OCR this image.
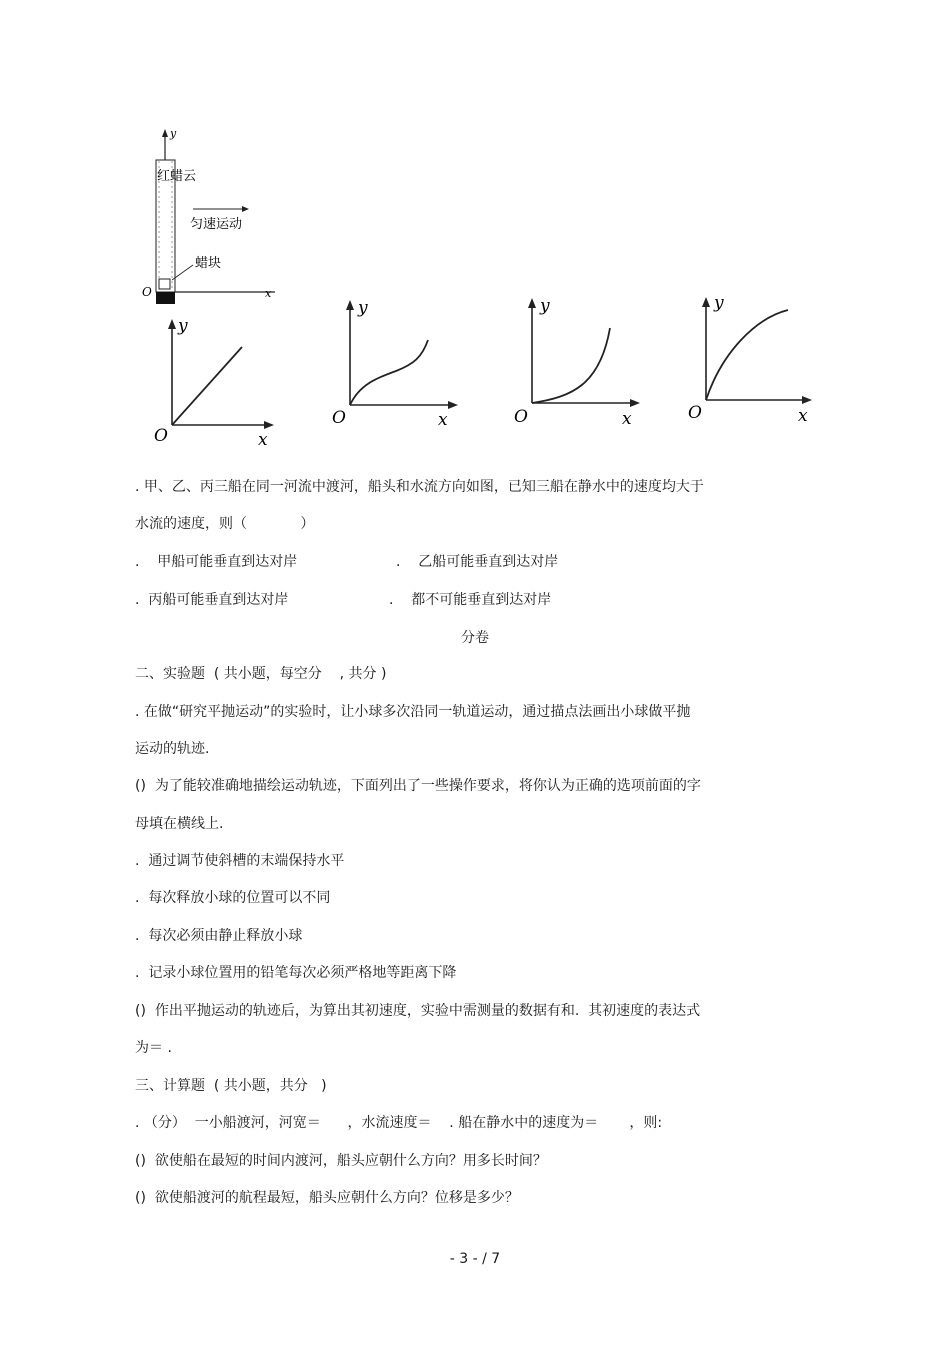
y
x
O
红蜡云
匀速运动
蜡块
y
O	x
y
O	x
y
O	x
y
O	x
. 甲、乙、丙三船在同一河流中渡河，船头和水流方向如图，已知三船在静水中的速度均大于
水流的速度，则（            ）
.    甲船可能垂直到达对岸	.    乙船可能垂直到达对岸
.  丙船可能垂直到达对岸	.    都不可能垂直到达对岸
分卷
二、实验题  ( 共小题，每空分    , 共分 )
. 在做“研究平抛运动”的实验时，让小球多次沿同一轨道运动，通过描点法画出小球做平抛
运动的轨迹.
()  为了能较准确地描绘运动轨迹，下面列出了一些操作要求，将你认为正确的选项前面的字
母填在横线上.
.  通过调节使斜槽的末端保持水平
.  每次释放小球的位置可以不同
.  每次必须由静止释放小球
.  记录小球位置用的铅笔每次必须严格地等距离下降
()  作出平抛运动的轨迹后，为算出其初速度，实验中需测量的数据有和.  其初速度的表达式
为＝ .
三、计算题  ( 共小题，共分   )
. （分）  一小船渡河，河宽＝      ，水流速度＝    . 船在静水中的速度为＝       ，则:
()  欲使船在最短的时间内渡河，船头应朝什么方向？用多长时间？
()  欲使船渡河的航程最短，船头应朝什么方向？位移是多少？
- 3 - / 7
